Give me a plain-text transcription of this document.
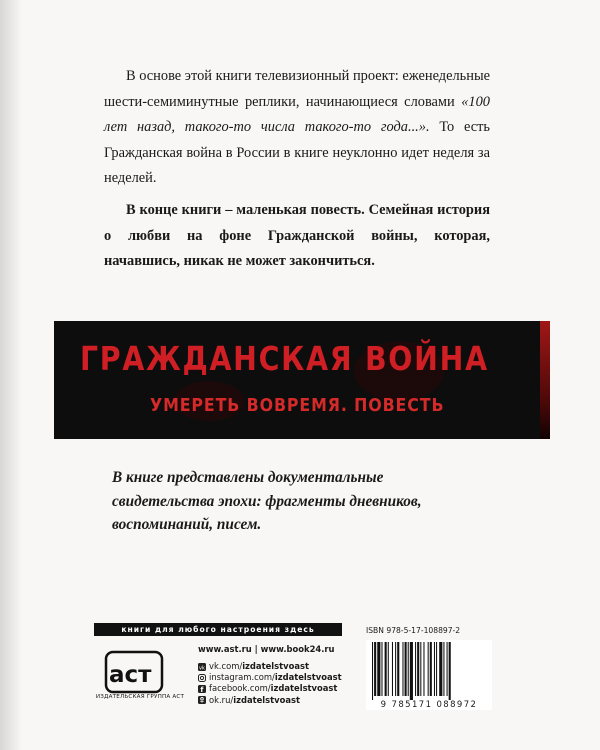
В основе этой книги телевизионный проект: еженедельные шести-семиминутные реплики, начинающиеся словами «100 лет назад, такого-то числа такого-то года...». То есть Гражданская война в России в книге неуклонно идет неделя за неделей.

В конце книги – маленькая повесть. Семейная история о любви на фоне Гражданской войны, которая, начавшись, никак не может закончиться.

ГРАЖДАНСКАЯ ВОЙНА
УМЕРЕТЬ ВОВРЕМЯ. ПОВЕСТЬ
В книге представлены документальные
свидетельства эпохи: фрагменты дневников,
воспоминаний, писем.
книги для любого настроения здесь
аст
ИЗДАТЕЛЬСКАЯ ГРУППА АСТ
www.ast.ru | www.book24.ru
vk vk.com/ izdatelstvoast
instagram.com/ izdatelstvoast
f facebook.com/ izdatelstvoast
ok.ru/ izdatelstvoast
ISBN 978-5-17-108897-2
9 785171 088972
